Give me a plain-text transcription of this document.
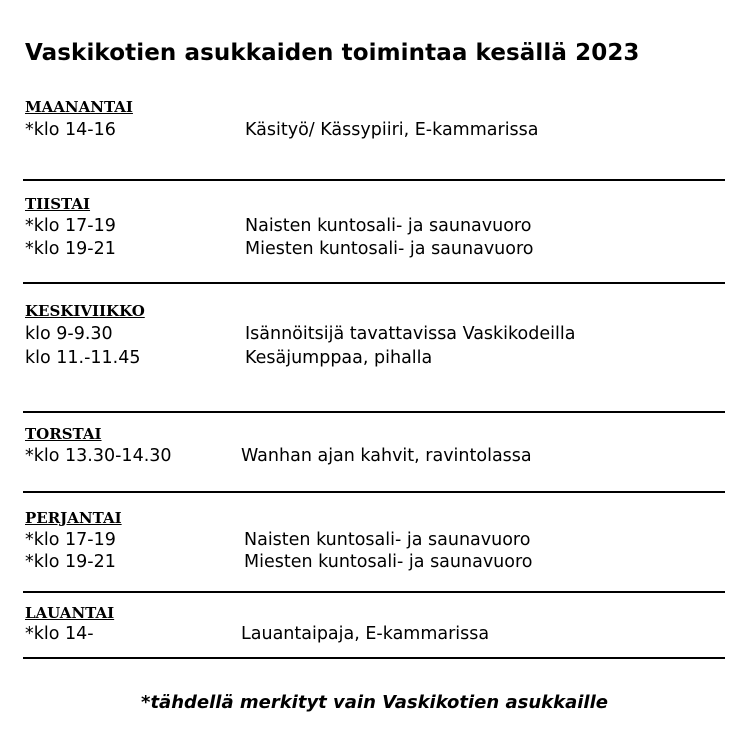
Vaskikotien asukkaiden toimintaa kesällä 2023
MAANANTAI
*klo 14-16	Käsityö/ Kässypiiri, E-kammarissa
TIISTAI
*klo 17-19	Naisten kuntosali- ja saunavuoro
*klo 19-21	Miesten kuntosali- ja saunavuoro
KESKIVIIKKO
klo 9-9.30	Isännöitsijä tavattavissa Vaskikodeilla
klo 11.-11.45	Kesäjumppaa, pihalla
TORSTAI
*klo 13.30-14.30	Wanhan ajan kahvit, ravintolassa
PERJANTAI
*klo 17-19	Naisten kuntosali- ja saunavuoro
*klo 19-21	Miesten kuntosali- ja saunavuoro
LAUANTAI
*klo 14-	Lauantaipaja, E-kammarissa
*tähdellä merkityt vain Vaskikotien asukkaille
